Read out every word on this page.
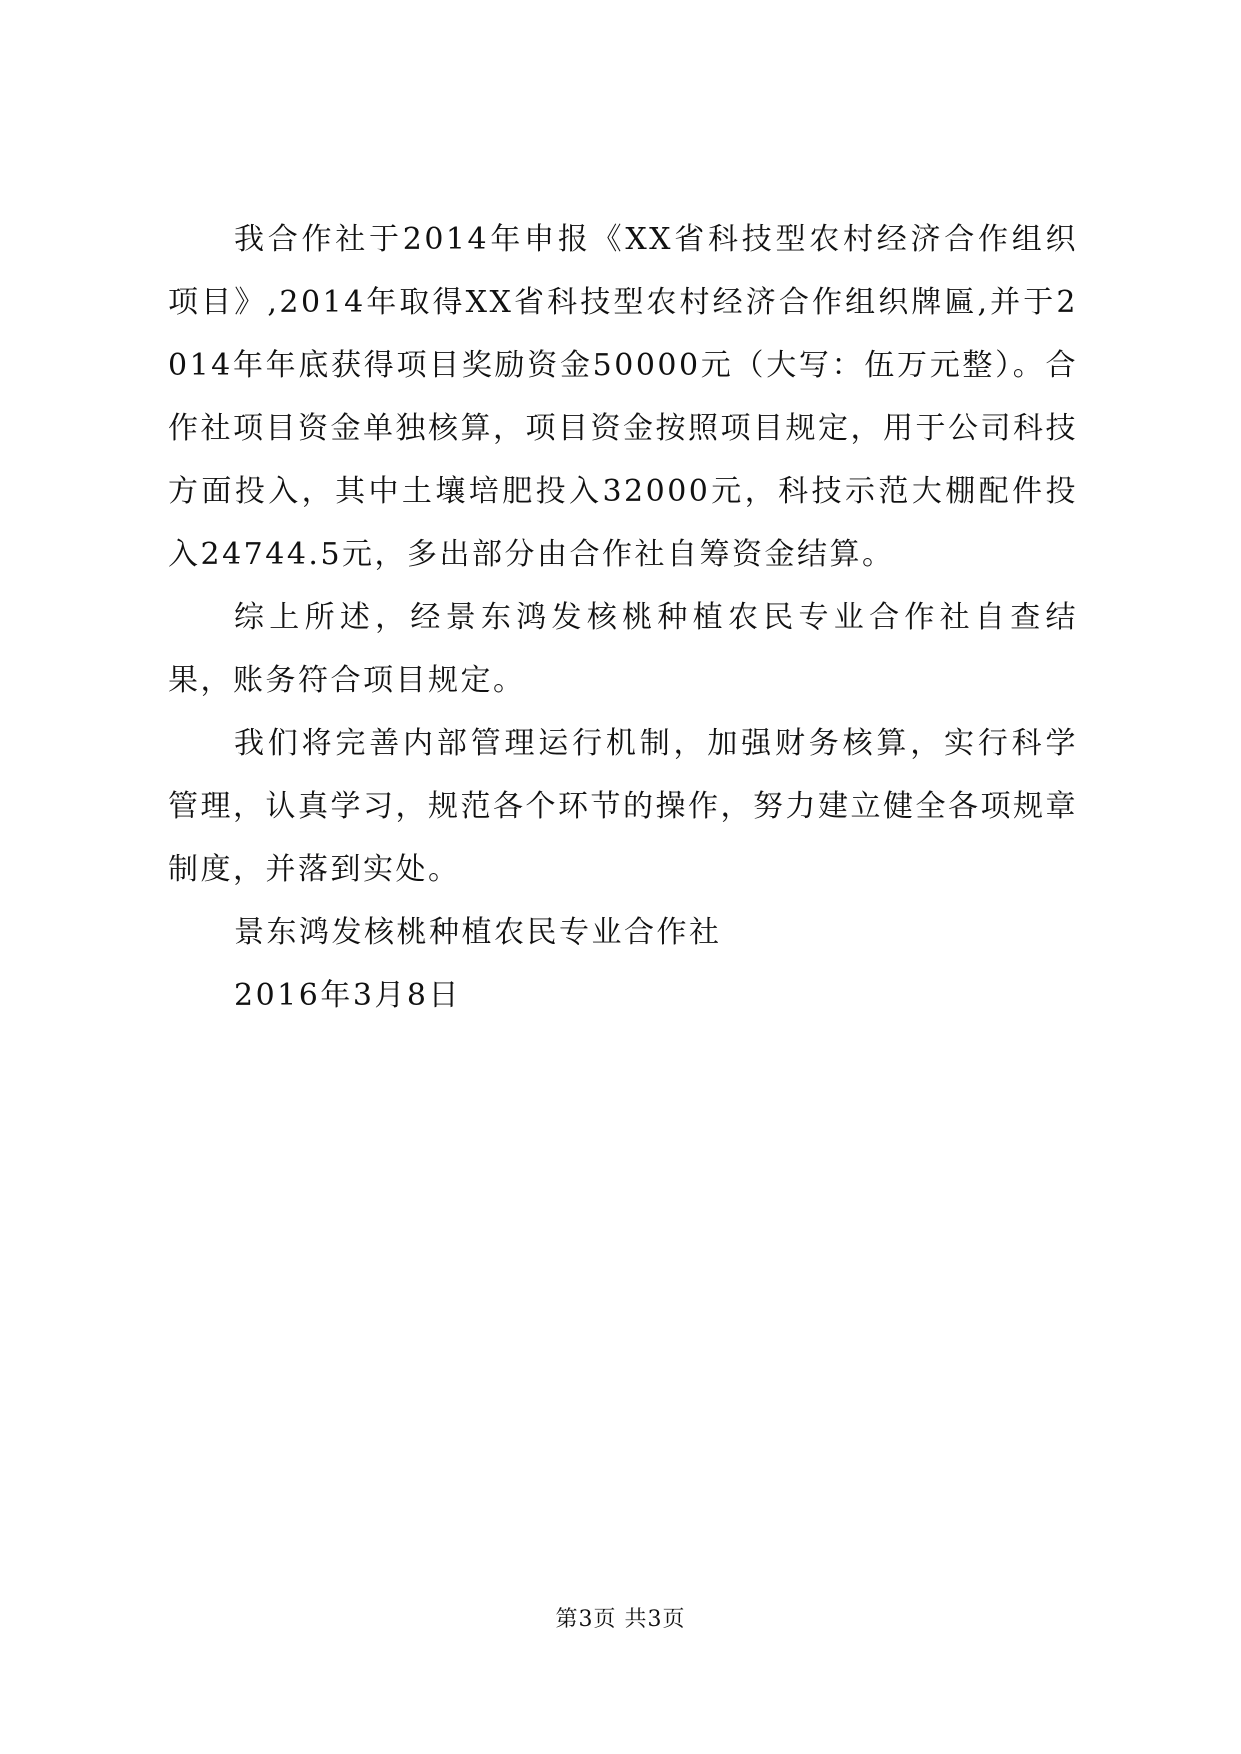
我合作社于2014年申报《XX省科技型农村经济合作组织项目》,2014年取得XX省科技型农村经济合作组织牌匾,并于2014年年底获得项目奖励资金50000元（大写：伍万元整）。合作社项目资金单独核算，项目资金按照项目规定，用于公司科技方面投入，其中土壤培肥投入32000元，科技示范大棚配件投入24744.5元，多出部分由合作社自筹资金结算。

综上所述，经景东鸿发核桃种植农民专业合作社自查结果，账务符合项目规定。

我们将完善内部管理运行机制，加强财务核算，实行科学管理，认真学习，规范各个环节的操作，努力建立健全各项规章制度，并落到实处。

景东鸿发核桃种植农民专业合作社

2016年3月8日

第3页 共3页
